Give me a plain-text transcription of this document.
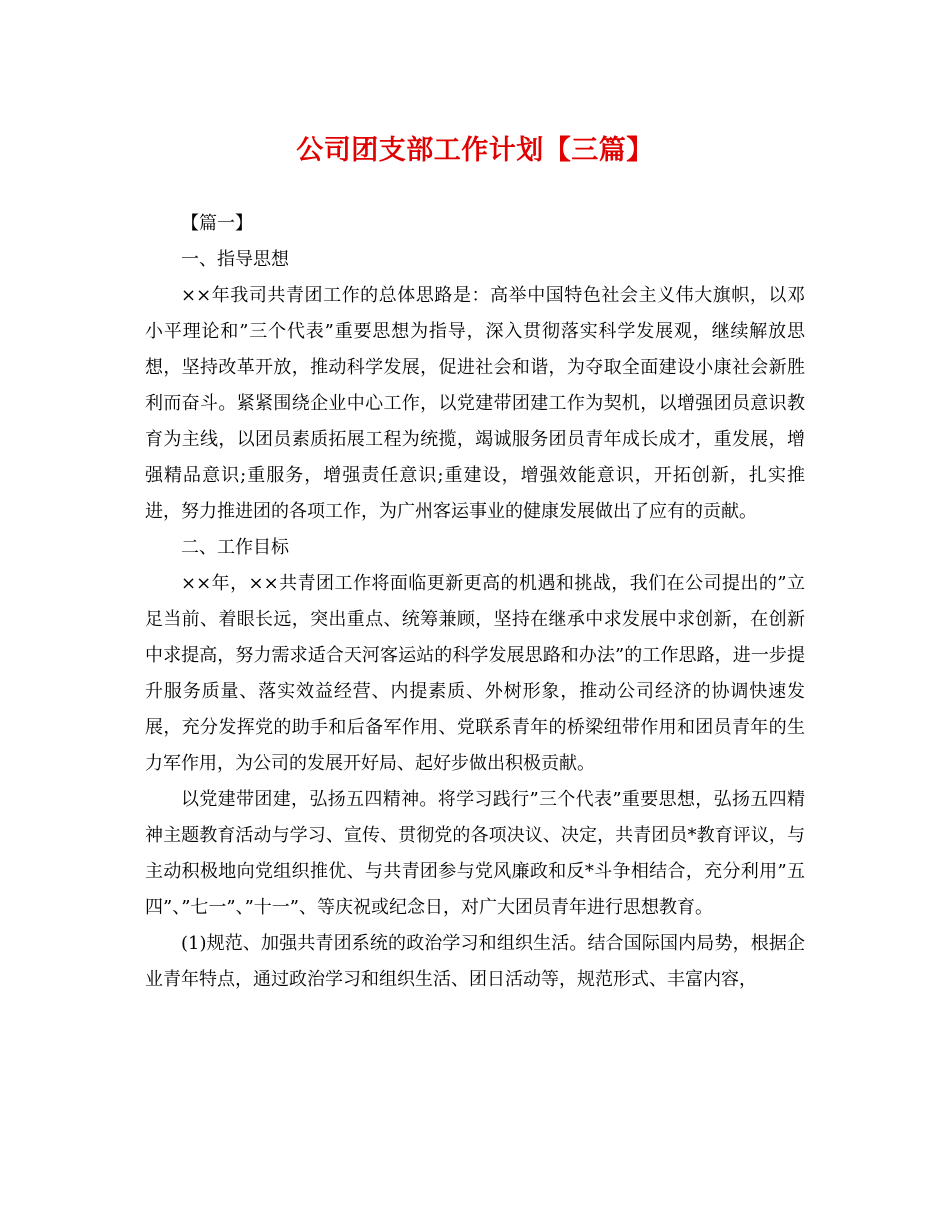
公司团支部工作计划【三篇】

【篇一】

一、指导思想

××年我司共青团工作的总体思路是：高举中国特色社会主义伟大旗帜，以邓小平理论和”三个代表”重要思想为指导，深入贯彻落实科学发展观，继续解放思想，坚持改革开放，推动科学发展，促进社会和谐，为夺取全面建设小康社会新胜利而奋斗。紧紧围绕企业中心工作，以党建带团建工作为契机，以增强团员意识教育为主线，以团员素质拓展工程为统揽，竭诚服务团员青年成长成才，重发展，增强精品意识;重服务，增强责任意识;重建设，增强效能意识，开拓创新，扎实推进，努力推进团的各项工作，为广州客运事业的健康发展做出了应有的贡献。

二、工作目标

××年，××共青团工作将面临更新更高的机遇和挑战，我们在公司提出的”立足当前、着眼长远，突出重点、统筹兼顾，坚持在继承中求发展中求创新，在创新中求提高，努力需求适合天河客运站的科学发展思路和办法”的工作思路，进一步提升服务质量、落实效益经营、内提素质、外树形象，推动公司经济的协调快速发展，充分发挥党的助手和后备军作用、党联系青年的桥梁纽带作用和团员青年的生力军作用，为公司的发展开好局、起好步做出积极贡献。

以党建带团建，弘扬五四精神。将学习践行”三个代表”重要思想，弘扬五四精神主题教育活动与学习、宣传、贯彻党的各项决议、决定，共青团员*教育评议，与主动积极地向党组织推优、与共青团参与党风廉政和反*斗争相结合，充分利用”五四”、”七一”、”十一”、等庆祝或纪念日，对广大团员青年进行思想教育。

(1)规范、加强共青团系统的政治学习和组织生活。结合国际国内局势，根据企业青年特点，通过政治学习和组织生活、团日活动等，规范形式、丰富内容，
